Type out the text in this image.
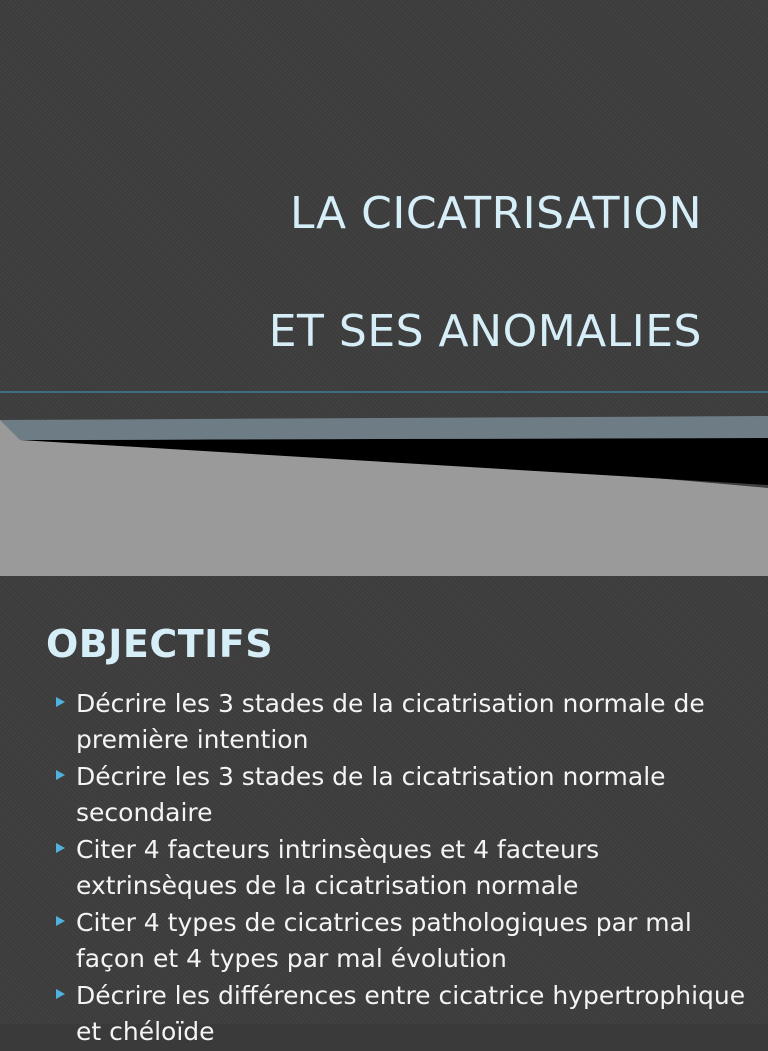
LA CICATRISATION
ET SES ANOMALIES
OBJECTIFS
Décrire les 3 stades de la cicatrisation normale de première intention
Décrire les 3 stades de la cicatrisation normale secondaire
Citer 4 facteurs intrinsèques et 4 facteurs extrinsèques de la cicatrisation normale
Citer 4 types de cicatrices pathologiques par mal façon et 4 types par mal évolution
Décrire les différences entre cicatrice hypertrophique et chéloïde
